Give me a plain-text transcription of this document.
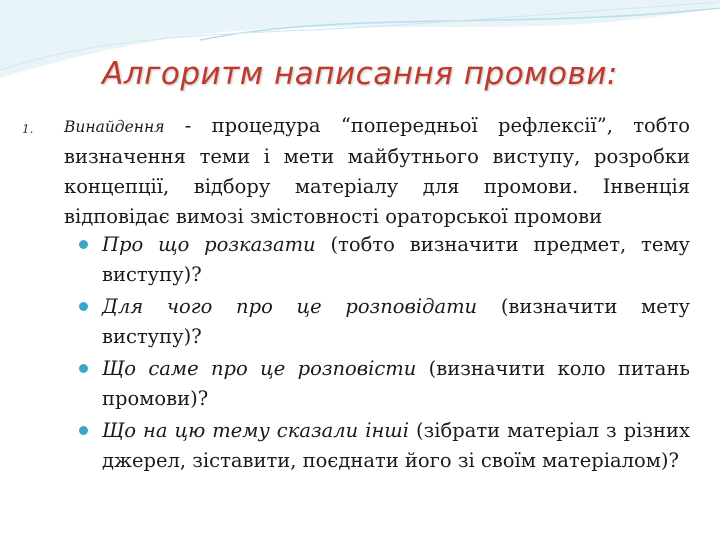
Алгоритм написання промови:
1. Винайдення - процедура “попередньої рефлексії”, тобто визначення теми і мети майбутнього виступу, розробки концепції, відбору матеріалу для промови. Інвенція відповідає вимозі змістовності ораторської промови
Про що розказати (тобто визначити предмет, тему виступу)?
Для чого про це розповідати (визначити мету виступу)?
Що саме про це розповісти (визначити коло питань промови)?
Що на цю тему сказали інші (зібрати матеріал з різних джерел, зіставити, поєднати його зі своїм матеріалом)?
